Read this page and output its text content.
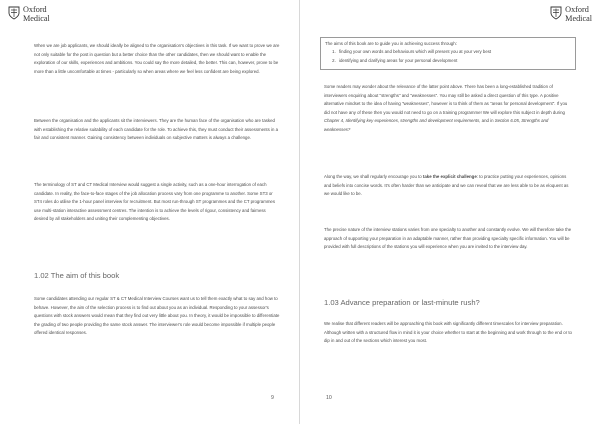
Oxford
Medical

When we are job applicants, we should ideally be aligned to the organisation's objectives in this task. If we want to prove we are not only suitable for the post in question but a better choice than the other candidates, then we should want to enable the exploration of our skills, experiences and ambitions. You could say the more detailed, the better. This can, however, prove to be more than a little uncomfortable at times - particularly so when areas where we feel less confident are being explored.

Between the organisation and the applicants sit the interviewers. They are the human face of the organisation who are tasked with establishing the relative suitability of each candidate for the role. To achieve this, they must conduct their assessments in a fair and consistent manner. Gaining consistency between individuals on subjective matters is always a challenge.

The terminology of ST and CT Medical Interview would suggest a single activity, such as a one-hour interrogation of each candidate. In reality, the face-to-face stages of the job allocation process vary from one programme to another. Some ST3 or ST4 roles do utilise the 1-hour panel interview for recruitment. But most run-through ST programmes and the CT programmes use multi-station interactive assessment centres. The intention is to achieve the levels of rigour, consistency and fairness desired by all stakeholders and uniting their complementing objectives.

1.02 The aim of this book

Some candidates attending our regular ST & CT Medical Interview Courses want us to tell them exactly what to say and how to behave. However, the aim of the selection process is to find out about you as an individual. Responding to your assessor's questions with stock answers would mean that they find out very little about you. In theory, it would be impossible to differentiate the grading of two people providing the same stock answer. The interviewer's role would become impossible if multiple people offered identical responses.

9
Oxford
Medical
The aims of this book are to guide you in achieving success through:
1. finding your own words and behaviours which will present you at your very best
2. identifying and clarifying areas for your personal development

Some readers may wonder about the relevance of the latter point above. There has been a long-established tradition of interviewers enquiring about "strengths" and "weaknesses". You may still be asked a direct question of this type. A positive alternative mindset to the idea of having "weaknesses", however is to think of them as "areas for personal development". If you did not have any of these then you would not need to go on a training programme! We will explore this subject in depth during Chapter 4, Identifying key experiences, strengths and development requirements, and in Section 6.05, Strengths and weaknesses?

Along the way, we shall regularly encourage you to take the explicit challenge: to practice putting your experiences, opinions and beliefs into concise words. It's often harder than we anticipate and we can reveal that we are less able to be as eloquent as we would like to be.

The precise nature of the interview stations varies from one specialty to another and constantly evolve. We will therefore take the approach of supporting your preparation in an adaptable manner, rather than providing specialty specific information. You will be provided with full descriptions of the stations you will experience when you are invited to the interview day.

1.03 Advance preparation or last-minute rush?

We realise that different readers will be approaching this book with significantly different timescales for interview preparation. Although written with a structured flow in mind it is your choice whether to start at the beginning and work through to the end or to dip in and out of the sections which interest you most.

10
